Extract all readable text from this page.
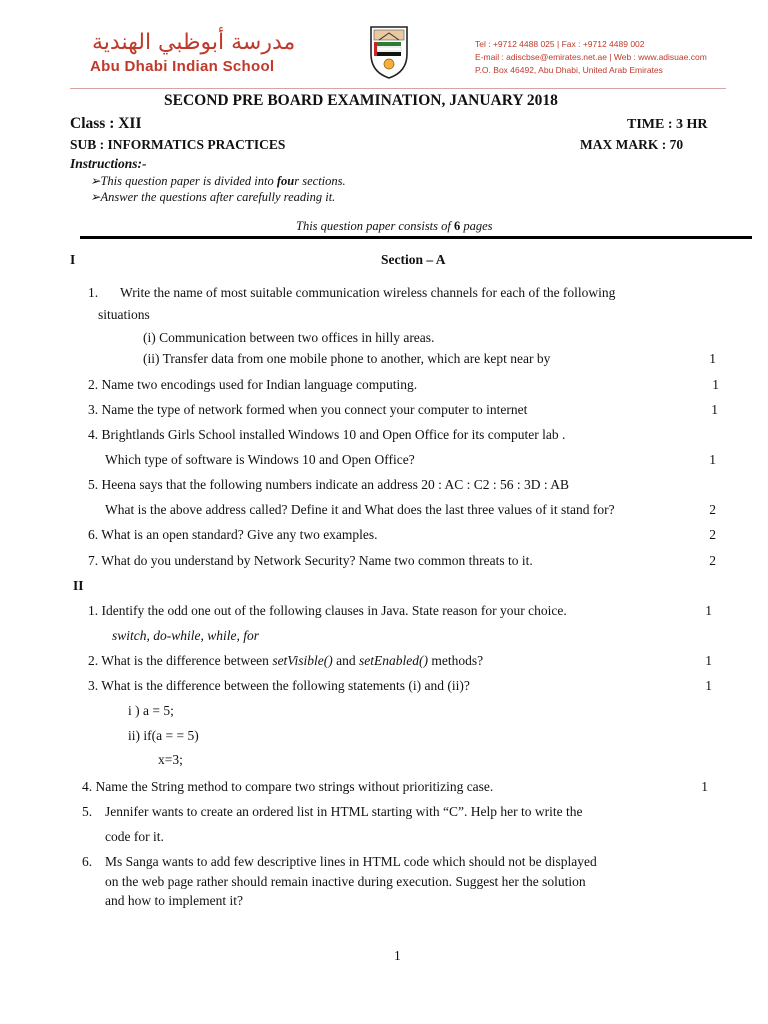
مدرسة أبوظبي الهندية
Abu Dhabi Indian School
Tel : +9712 4488 025 | Fax : +9712 4489 002
E-mail : adiscbse@emirates.net.ae | Web : www.adisuae.com
P.O. Box 46492, Abu Dhabi, United Arab Emirates
SECOND PRE BOARD EXAMINATION, JANUARY 2018
Class : XII	TIME : 3 HR
SUB : INFORMATICS PRACTICES	MAX MARK : 70
Instructions:-
➢This question paper is divided into four sections.
➢Answer the questions after carefully reading it.
This question paper consists of 6 pages
I	Section – A
1. Write the name of most suitable communication wireless channels for each of the following
situations
(i) Communication between two offices in hilly areas.
(ii) Transfer data from one mobile phone to another, which are kept near by	1
2. Name two encodings used for Indian language computing.	1
3. Name the type of network formed when you connect your computer to internet	1
4. Brightlands Girls School installed Windows 10 and Open Office for its computer lab .
Which type of software is Windows 10 and Open Office?	1
5. Heena says that the following numbers indicate an address 20 : AC : C2 : 56 : 3D : AB
What is the above address called? Define it and What does the last three values of it stand for?	2
6. What is an open standard? Give any two examples.	2
7. What do you understand by Network Security? Name two common threats to it.	2
II
1. Identify the odd one out of the following clauses in Java. State reason for your choice.	1
switch, do-while, while, for
2. What is the difference between setVisible() and setEnabled() methods?	1
3. What is the difference between the following statements (i) and (ii)?	1
i ) a = 5;
ii) if(a = = 5)
x=3;
4. Name the String method to compare two strings without prioritizing case.	1
5. Jennifer wants to create an ordered list in HTML starting with “C”. Help her to write the
code for it.
6. Ms Sanga wants to add few descriptive lines in HTML code which should not be displayed
on the web page rather should remain inactive during execution. Suggest her the solution
and how to implement it?
1
